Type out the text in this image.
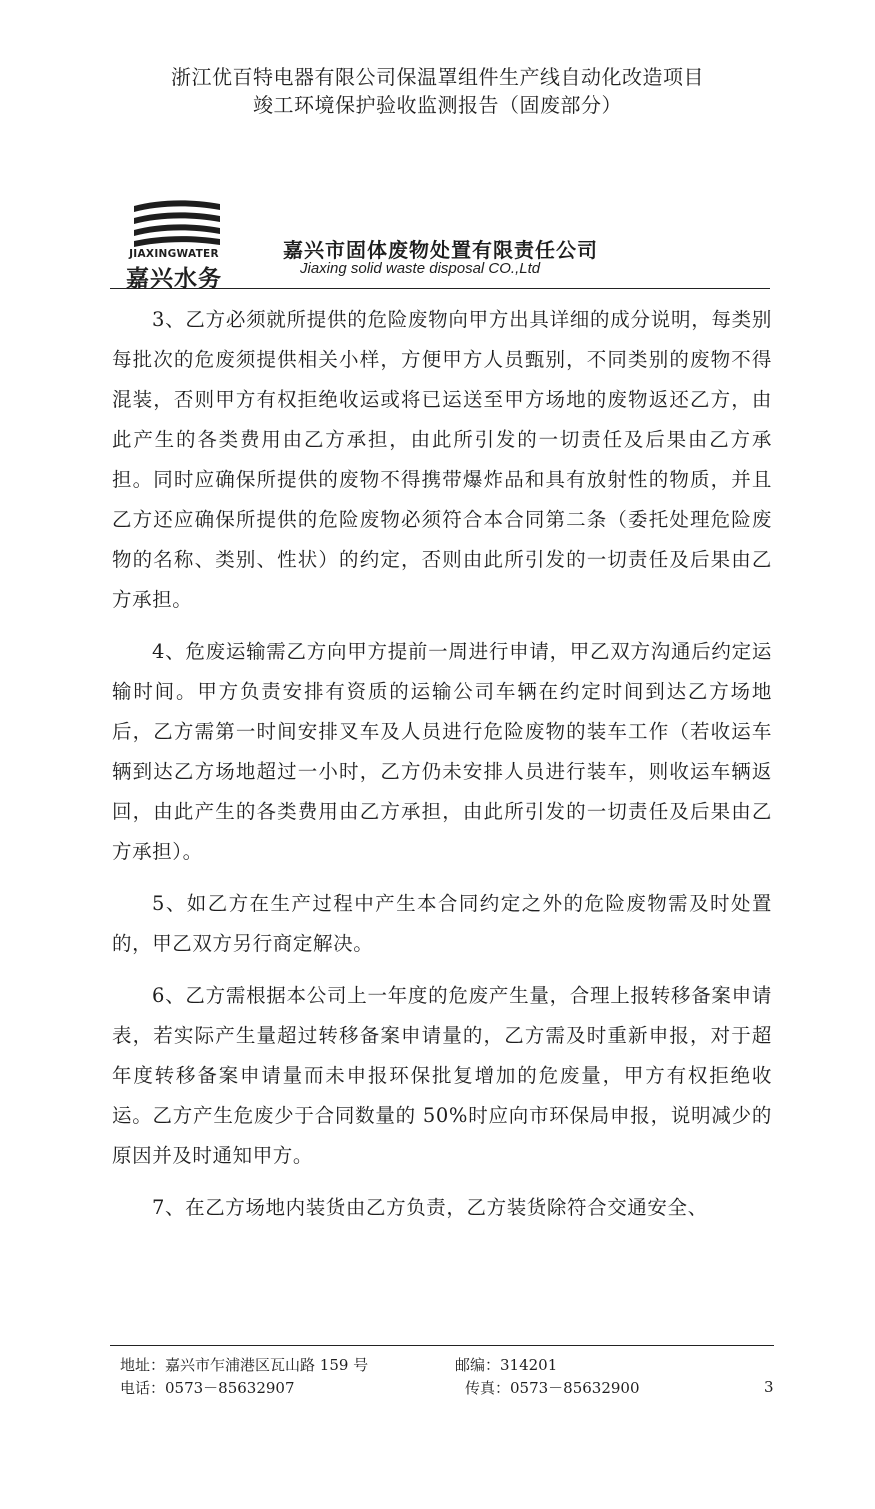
浙江优百特电器有限公司保温罩组件生产线自动化改造项目
竣工环境保护验收监测报告（固废部分）
JIAXINGWATER
嘉兴水务
嘉兴市固体废物处置有限责任公司
Jiaxing solid waste disposal CO.,Ltd

3、乙方必须就所提供的危险废物向甲方出具详细的成分说明，每类别每批次的危废须提供相关小样，方便甲方人员甄别，不同类别的废物不得混装，否则甲方有权拒绝收运或将已运送至甲方场地的废物返还乙方，由此产生的各类费用由乙方承担，由此所引发的一切责任及后果由乙方承担。同时应确保所提供的废物不得携带爆炸品和具有放射性的物质，并且乙方还应确保所提供的危险废物必须符合本合同第二条（委托处理危险废物的名称、类别、性状）的约定，否则由此所引发的一切责任及后果由乙方承担。

4、危废运输需乙方向甲方提前一周进行申请，甲乙双方沟通后约定运输时间。甲方负责安排有资质的运输公司车辆在约定时间到达乙方场地后，乙方需第一时间安排叉车及人员进行危险废物的装车工作（若收运车辆到达乙方场地超过一小时，乙方仍未安排人员进行装车，则收运车辆返回，由此产生的各类费用由乙方承担，由此所引发的一切责任及后果由乙方承担）。

5、如乙方在生产过程中产生本合同约定之外的危险废物需及时处置的，甲乙双方另行商定解决。

6、乙方需根据本公司上一年度的危废产生量，合理上报转移备案申请表，若实际产生量超过转移备案申请量的，乙方需及时重新申报，对于超年度转移备案申请量而未申报环保批复增加的危废量，甲方有权拒绝收运。乙方产生危废少于合同数量的 50%时应向市环保局申报，说明减少的原因并及时通知甲方。

7、在乙方场地内装货由乙方负责，乙方装货除符合交通安全、

地址：嘉兴市乍浦港区瓦山路 159 号
电话：0573－85632907
邮编：314201
传真：0573－85632900	3
